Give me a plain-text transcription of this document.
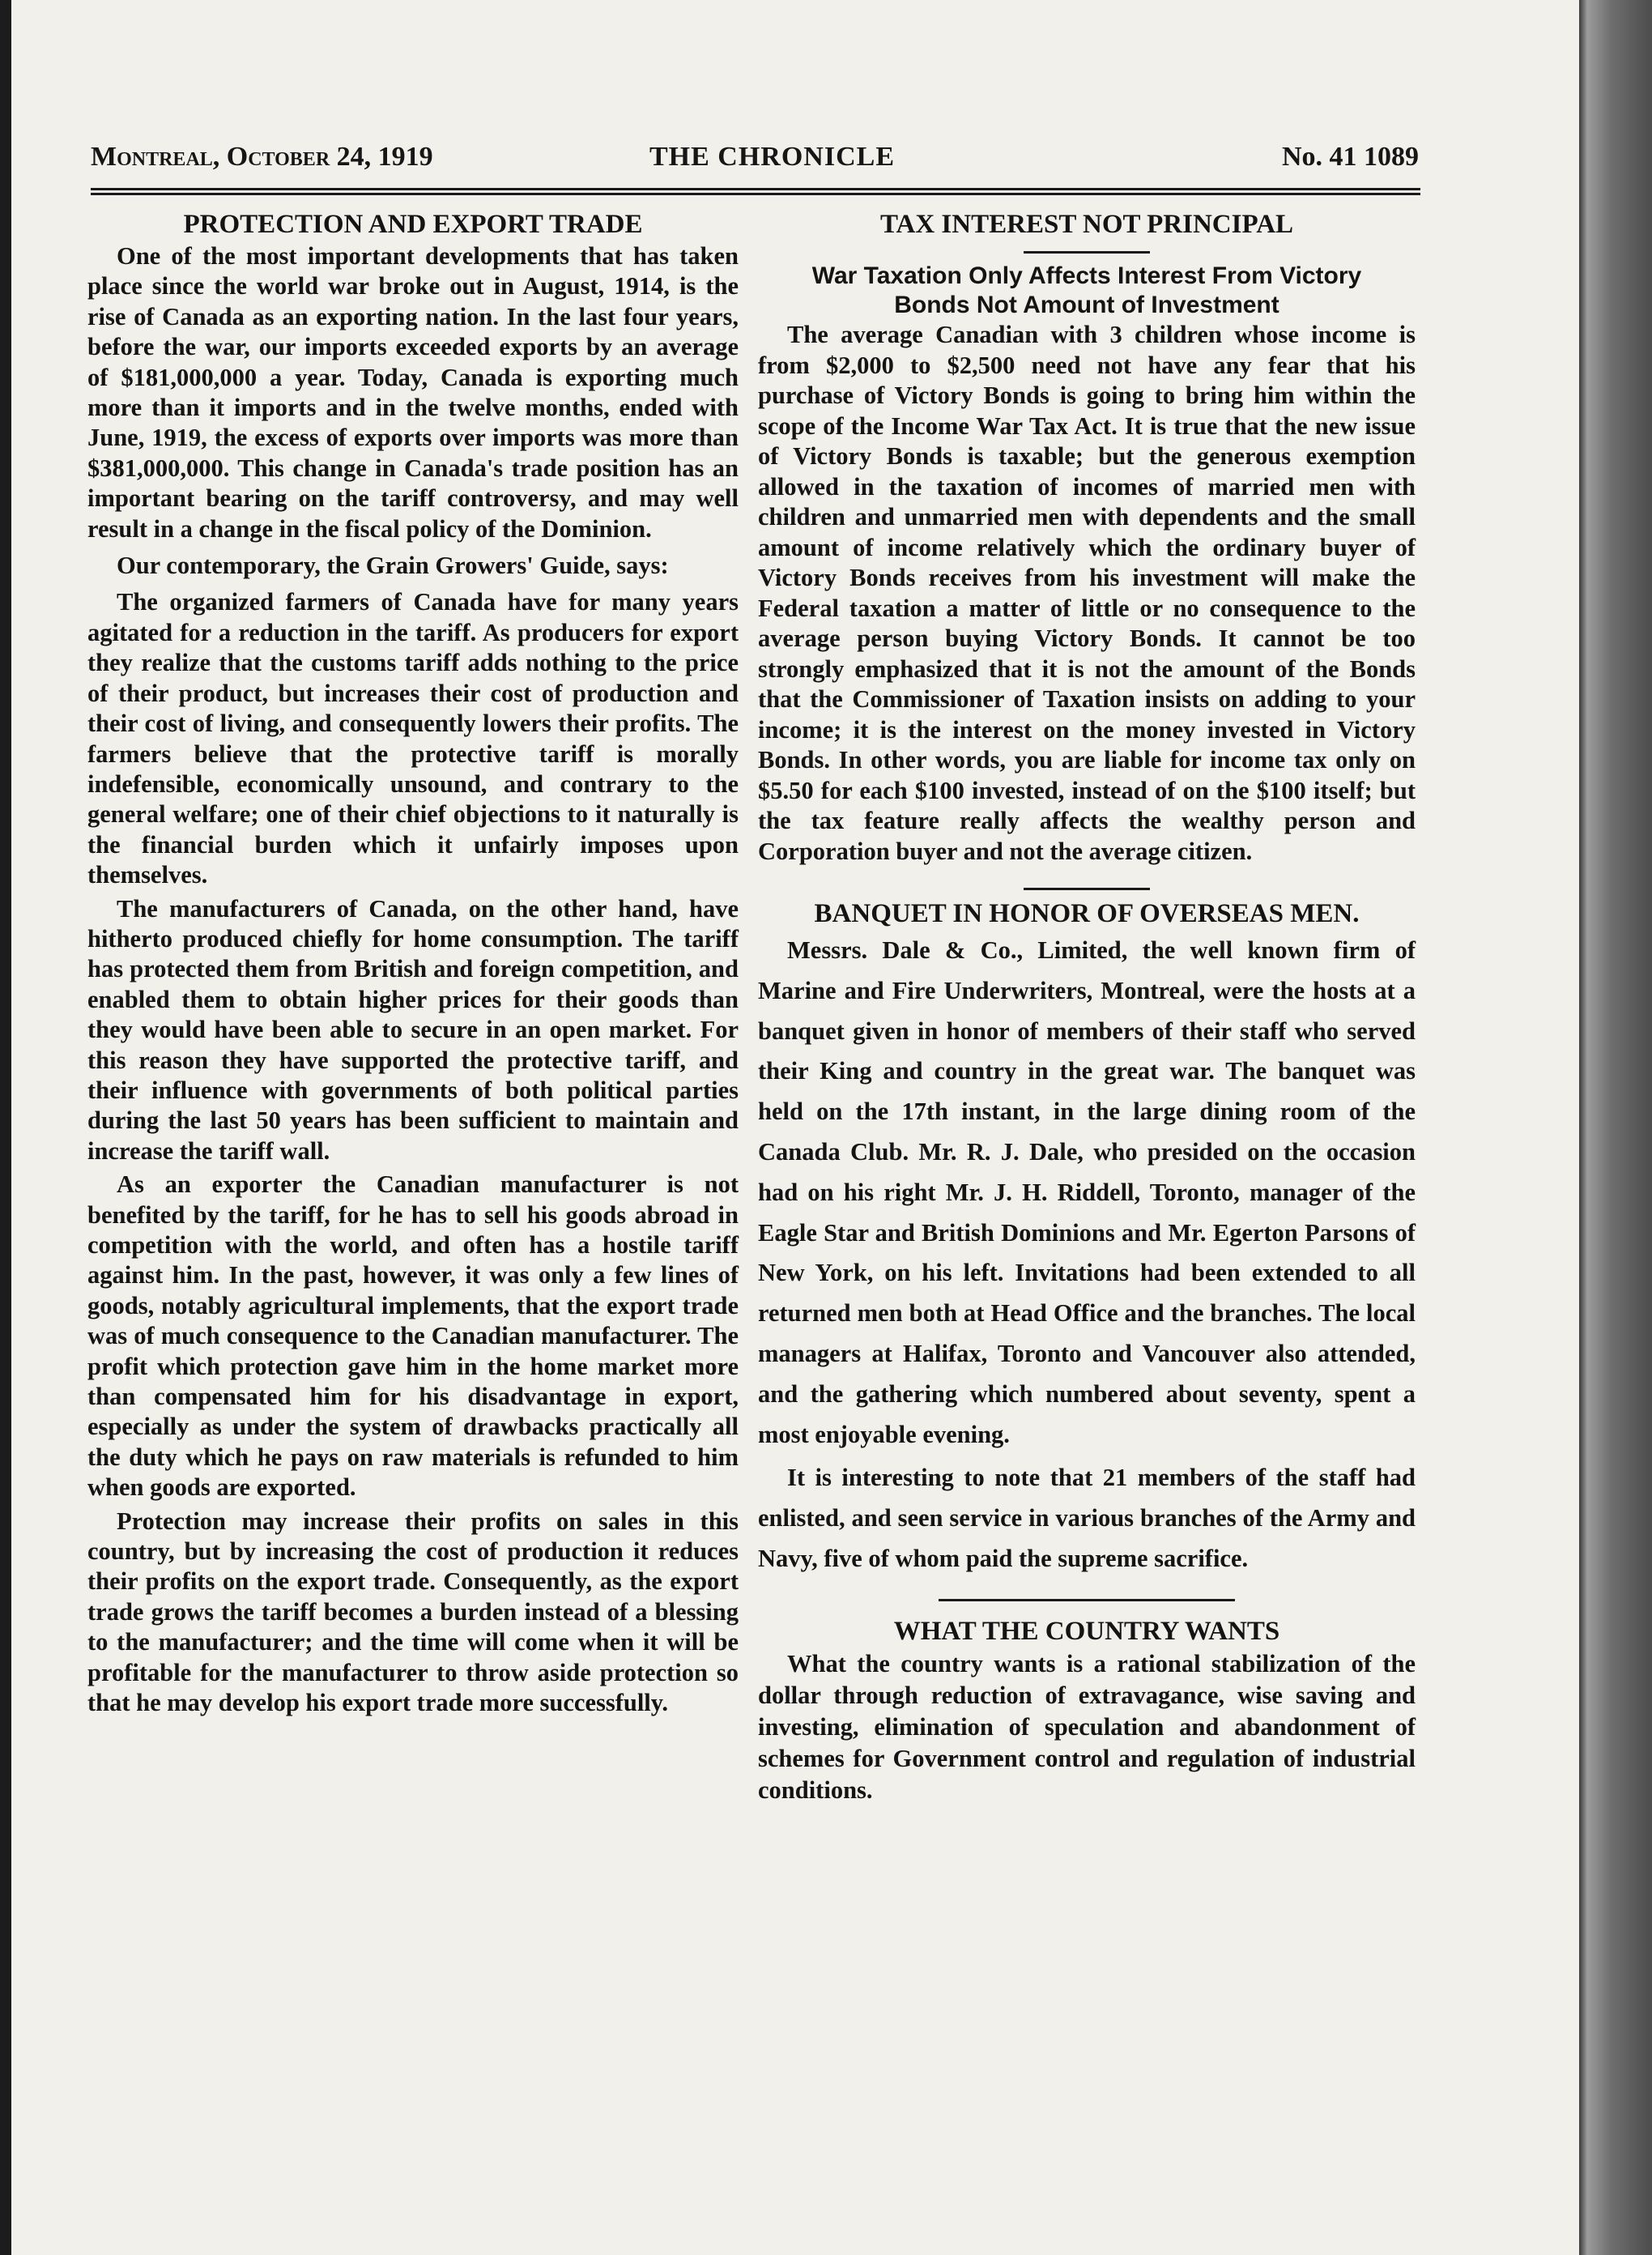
Montreal, October 24, 1919	THE CHRONICLE	No. 41 1089
PROTECTION AND EXPORT TRADE

One of the most important developments that has taken place since the world war broke out in August, 1914, is the rise of Canada as an exporting nation. In the last four years, before the war, our imports exceeded exports by an average of $181,000,000 a year. Today, Canada is exporting much more than it imports and in the twelve months, ended with June, 1919, the excess of exports over imports was more than $381,000,000. This change in Canada's trade position has an important bearing on the tariff controversy, and may well result in a change in the fiscal policy of the Dominion.

Our contemporary, the Grain Growers' Guide, says:

The organized farmers of Canada have for many years agitated for a reduction in the tariff. As producers for export they realize that the customs tariff adds nothing to the price of their product, but increases their cost of production and their cost of living, and consequently lowers their profits. The farmers believe that the protective tariff is morally indefensible, economically unsound, and contrary to the general welfare; one of their chief objections to it naturally is the financial burden which it unfairly imposes upon themselves.

The manufacturers of Canada, on the other hand, have hitherto produced chiefly for home consumption. The tariff has protected them from British and foreign competition, and enabled them to obtain higher prices for their goods than they would have been able to secure in an open market. For this reason they have supported the protective tariff, and their influence with governments of both political parties during the last 50 years has been sufficient to maintain and increase the tariff wall.

As an exporter the Canadian manufacturer is not benefited by the tariff, for he has to sell his goods abroad in competition with the world, and often has a hostile tariff against him. In the past, however, it was only a few lines of goods, notably agricultural implements, that the export trade was of much consequence to the Canadian manufacturer. The profit which protection gave him in the home market more than compensated him for his disadvantage in export, especially as under the system of drawbacks practically all the duty which he pays on raw materials is refunded to him when goods are exported.

Protection may increase their profits on sales in this country, but by increasing the cost of production it reduces their profits on the export trade. Consequently, as the export trade grows the tariff becomes a burden instead of a blessing to the manufacturer; and the time will come when it will be profitable for the manufacturer to throw aside protection so that he may develop his export trade more successfully.

TAX INTEREST NOT PRINCIPAL
War Taxation Only Affects Interest From Victory
Bonds Not Amount of Investment

The average Canadian with 3 children whose income is from $2,000 to $2,500 need not have any fear that his purchase of Victory Bonds is going to bring him within the scope of the Income War Tax Act. It is true that the new issue of Victory Bonds is taxable; but the generous exemption allowed in the taxation of incomes of married men with children and unmarried men with dependents and the small amount of income relatively which the ordinary buyer of Victory Bonds receives from his investment will make the Federal taxation a matter of little or no consequence to the average person buying Victory Bonds. It cannot be too strongly emphasized that it is not the amount of the Bonds that the Commissioner of Taxation insists on adding to your income; it is the interest on the money invested in Victory Bonds. In other words, you are liable for income tax only on $5.50 for each $100 invested, instead of on the $100 itself; but the tax feature really affects the wealthy person and Corporation buyer and not the average citizen.

BANQUET IN HONOR OF OVERSEAS MEN.

Messrs. Dale & Co., Limited, the well known firm of Marine and Fire Underwriters, Montreal, were the hosts at a banquet given in honor of members of their staff who served their King and country in the great war. The banquet was held on the 17th instant, in the large dining room of the Canada Club. Mr. R. J. Dale, who presided on the occasion had on his right Mr. J. H. Riddell, Toronto, manager of the Eagle Star and British Dominions and Mr. Egerton Parsons of New York, on his left. Invitations had been extended to all returned men both at Head Office and the branches. The local managers at Halifax, Toronto and Vancouver also attended, and the gathering which numbered about seventy, spent a most enjoyable evening.

It is interesting to note that 21 members of the staff had enlisted, and seen service in various branches of the Army and Navy, five of whom paid the supreme sacrifice.

WHAT THE COUNTRY WANTS

What the country wants is a rational stabilization of the dollar through reduction of extravagance, wise saving and investing, elimination of speculation and abandonment of schemes for Government control and regulation of industrial conditions.
